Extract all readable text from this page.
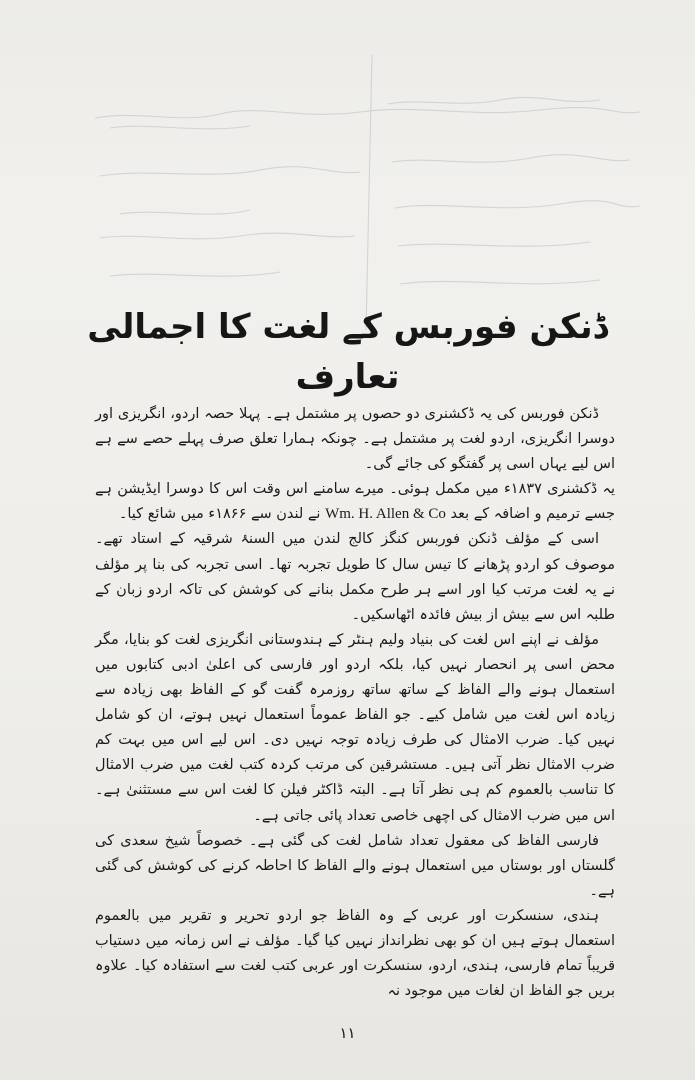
ڈنکن فوربس کے لغت کا اجمالی تعارف

ڈنکن فوربس کی یہ ڈکشنری دو حصوں پر مشتمل ہے۔ پہلا حصہ اردو، انگریزی اور دوسرا انگریزی، اردو لغت پر مشتمل ہے۔ چونکہ ہمارا تعلق صرف پہلے حصے سے ہے اس لیے یہاں اسی پر گفتگو کی جائے گی۔

یہ ڈکشنری ۱۸۳۷ء میں مکمل ہوئی۔ میرے سامنے اس وقت اس کا دوسرا ایڈیشن ہے جسے ترمیم و اضافہ کے بعد Wm. H. Allen & Co نے لندن سے ۱۸۶۶ء میں شائع کیا۔

اسی کے مؤلف ڈنکن فوربس کنگز کالج لندن میں السنۂ شرقیہ کے استاد تھے۔ موصوف کو اردو پڑھانے کا تیس سال کا طویل تجربہ تھا۔ اسی تجربہ کی بنا پر مؤلف نے یہ لغت مرتب کیا اور اسے ہر طرح مکمل بنانے کی کوشش کی تاکہ اردو زبان کے طلبہ اس سے بیش از بیش فائدہ اٹھاسکیں۔

مؤلف نے اپنے اس لغت کی بنیاد ولیم ہنٹر کے ہندوستانی انگریزی لغت کو بنایا، مگر محض اسی پر انحصار نہیں کیا، بلکہ اردو اور فارسی کی اعلیٰ ادبی کتابوں میں استعمال ہونے والے الفاظ کے ساتھ ساتھ روزمرہ گفت گو کے الفاظ بھی زیادہ سے زیادہ اس لغت میں شامل کیے۔ جو الفاظ عموماً استعمال نہیں ہوتے، ان کو شامل نہیں کیا۔ ضرب الامثال کی طرف زیادہ توجہ نہیں دی۔ اس لیے اس میں بہت کم ضرب الامثال نظر آتی ہیں۔ مستشرقین کی مرتب کردہ کتب لغت میں ضرب الامثال کا تناسب بالعموم کم ہی نظر آتا ہے۔ البتہ ڈاکٹر فیلن کا لغت اس سے مستثنیٰ ہے۔ اس میں ضرب الامثال کی اچھی خاصی تعداد پائی جاتی ہے۔

فارسی الفاظ کی معقول تعداد شامل لغت کی گئی ہے۔ خصوصاً شیخ سعدی کی گلستاں اور بوستاں میں استعمال ہونے والے الفاظ کا احاطہ کرنے کی کوشش کی گئی ہے۔

ہندی، سنسکرت اور عربی کے وہ الفاظ جو اردو تحریر و تقریر میں بالعموم استعمال ہوتے ہیں ان کو بھی نظرانداز نہیں کیا گیا۔ مؤلف نے اس زمانہ میں دستیاب قریباً تمام فارسی، ہندی، اردو، سنسکرت اور عربی کتب لغت سے استفادہ کیا۔ علاوہ بریں جو الفاظ ان لغات میں موجود نہ

۱۱
